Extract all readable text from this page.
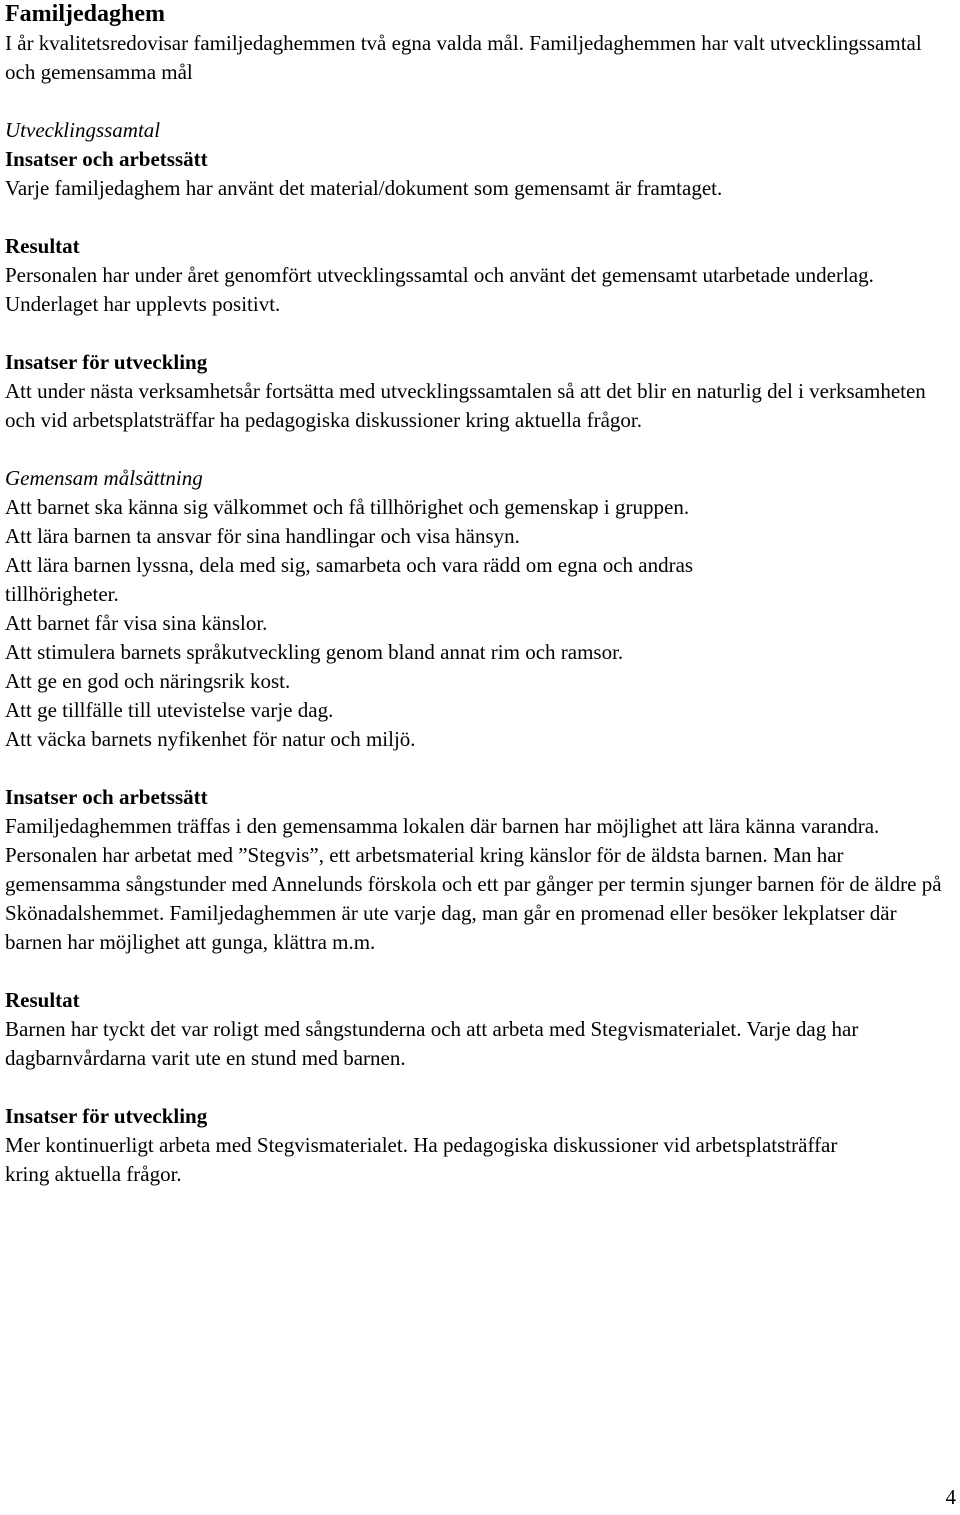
Familjedaghem

I år kvalitetsredovisar familjedaghemmen två egna valda mål. Familjedaghemmen har valt utvecklingssamtal och gemensamma mål

Utvecklingssamtal

Insatser och arbetssätt

Varje familjedaghem har använt det material/dokument som gemensamt är framtaget.

Resultat

Personalen har under året genomfört utvecklingssamtal och använt det gemensamt utarbetade underlag. Underlaget har upplevts positivt.

Insatser för utveckling

Att under nästa verksamhetsår fortsätta med utvecklingssamtalen så att det blir en naturlig del i verksamheten och vid arbetsplatsträffar ha pedagogiska diskussioner kring aktuella frågor.

Gemensam målsättning

Att barnet ska känna sig välkommet och få tillhörighet och gemenskap i gruppen.

Att lära barnen ta ansvar för sina handlingar och visa hänsyn.

Att lära barnen lyssna, dela med sig, samarbeta och vara rädd om egna och andras tillhörigheter.

Att barnet får visa sina känslor.

Att stimulera barnets språkutveckling genom bland annat rim och ramsor.

Att ge en god och näringsrik kost.

Att ge tillfälle till utevistelse varje dag.

Att väcka barnets nyfikenhet för natur och miljö.

Insatser och arbetssätt

Familjedaghemmen träffas i den gemensamma lokalen där barnen har möjlighet att lära känna varandra. Personalen har arbetat med ”Stegvis”, ett arbetsmaterial kring känslor för de äldsta barnen. Man har gemensamma sångstunder med Annelunds förskola och ett par gånger per termin sjunger barnen för de äldre på Skönadalshemmet. Familjedaghemmen är ute varje dag, man går en promenad eller besöker lekplatser där barnen har möjlighet att gunga, klättra m.m.

Resultat

Barnen har tyckt det var roligt med sångstunderna och att arbeta med Stegvismaterialet. Varje dag har dagbarnvårdarna varit ute en stund med barnen.

Insatser för utveckling

Mer kontinuerligt arbeta med Stegvismaterialet. Ha pedagogiska diskussioner vid arbetsplatsträffar kring aktuella frågor.

4
